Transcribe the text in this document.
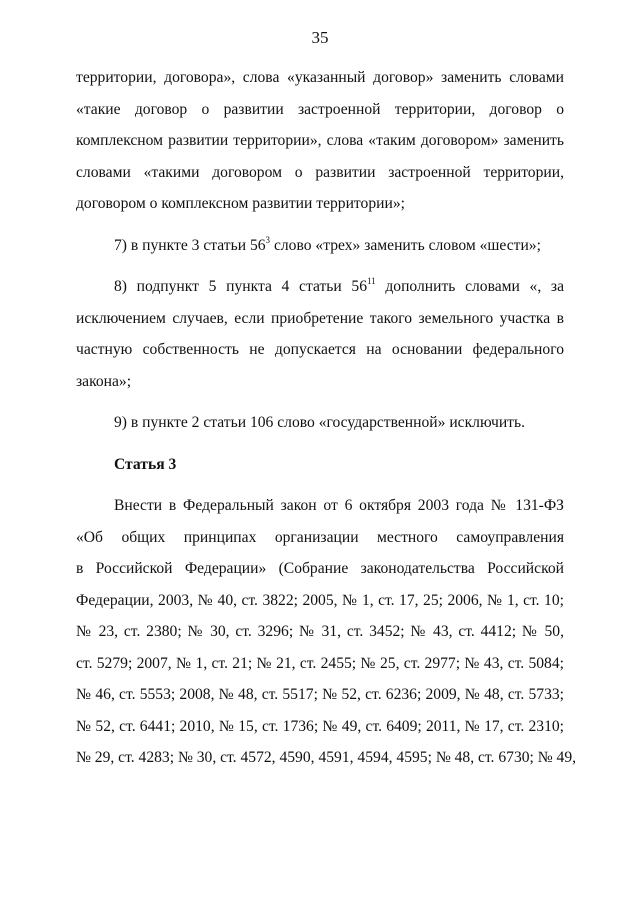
35
территории, договора», слова «указанный договор» заменить словами
«такие договор о развитии застроенной территории, договор о
комплексном развитии территории», слова «таким договором» заменить
словами «такими договором о развитии застроенной территории,
договором о комплексном развитии территории»;
7) в пункте 3 статьи $56^3$ слово «трех» заменить словом «шести»;
8) подпункт 5 пункта 4 статьи $56^{11}$ дополнить словами «, за
исключением случаев, если приобретение такого земельного участка в
частную собственность не допускается на основании федерального
закона»;
9) в пункте 2 статьи 106 слово «государственной» исключить.
Статья 3
Внести в Федеральный закон от 6 октября 2003 года № 131-ФЗ
«Об общих принципах организации местного самоуправления
в Российской Федерации» (Собрание законодательства Российской
Федерации, 2003, № 40, ст. 3822; 2005, № 1, ст. 17, 25; 2006, № 1, ст. 10;
№ 23, ст. 2380; № 30, ст. 3296; № 31, ст. 3452; № 43, ст. 4412; № 50,
ст. 5279; 2007, № 1, ст. 21; № 21, ст. 2455; № 25, ст. 2977; № 43, ст. 5084;
№ 46, ст. 5553; 2008, № 48, ст. 5517; № 52, ст. 6236; 2009, № 48, ст. 5733;
№ 52, ст. 6441; 2010, № 15, ст. 1736; № 49, ст. 6409; 2011, № 17, ст. 2310;
№ 29, ст. 4283; № 30, ст. 4572, 4590, 4591, 4594, 4595; № 48, ст. 6730; № 49,
